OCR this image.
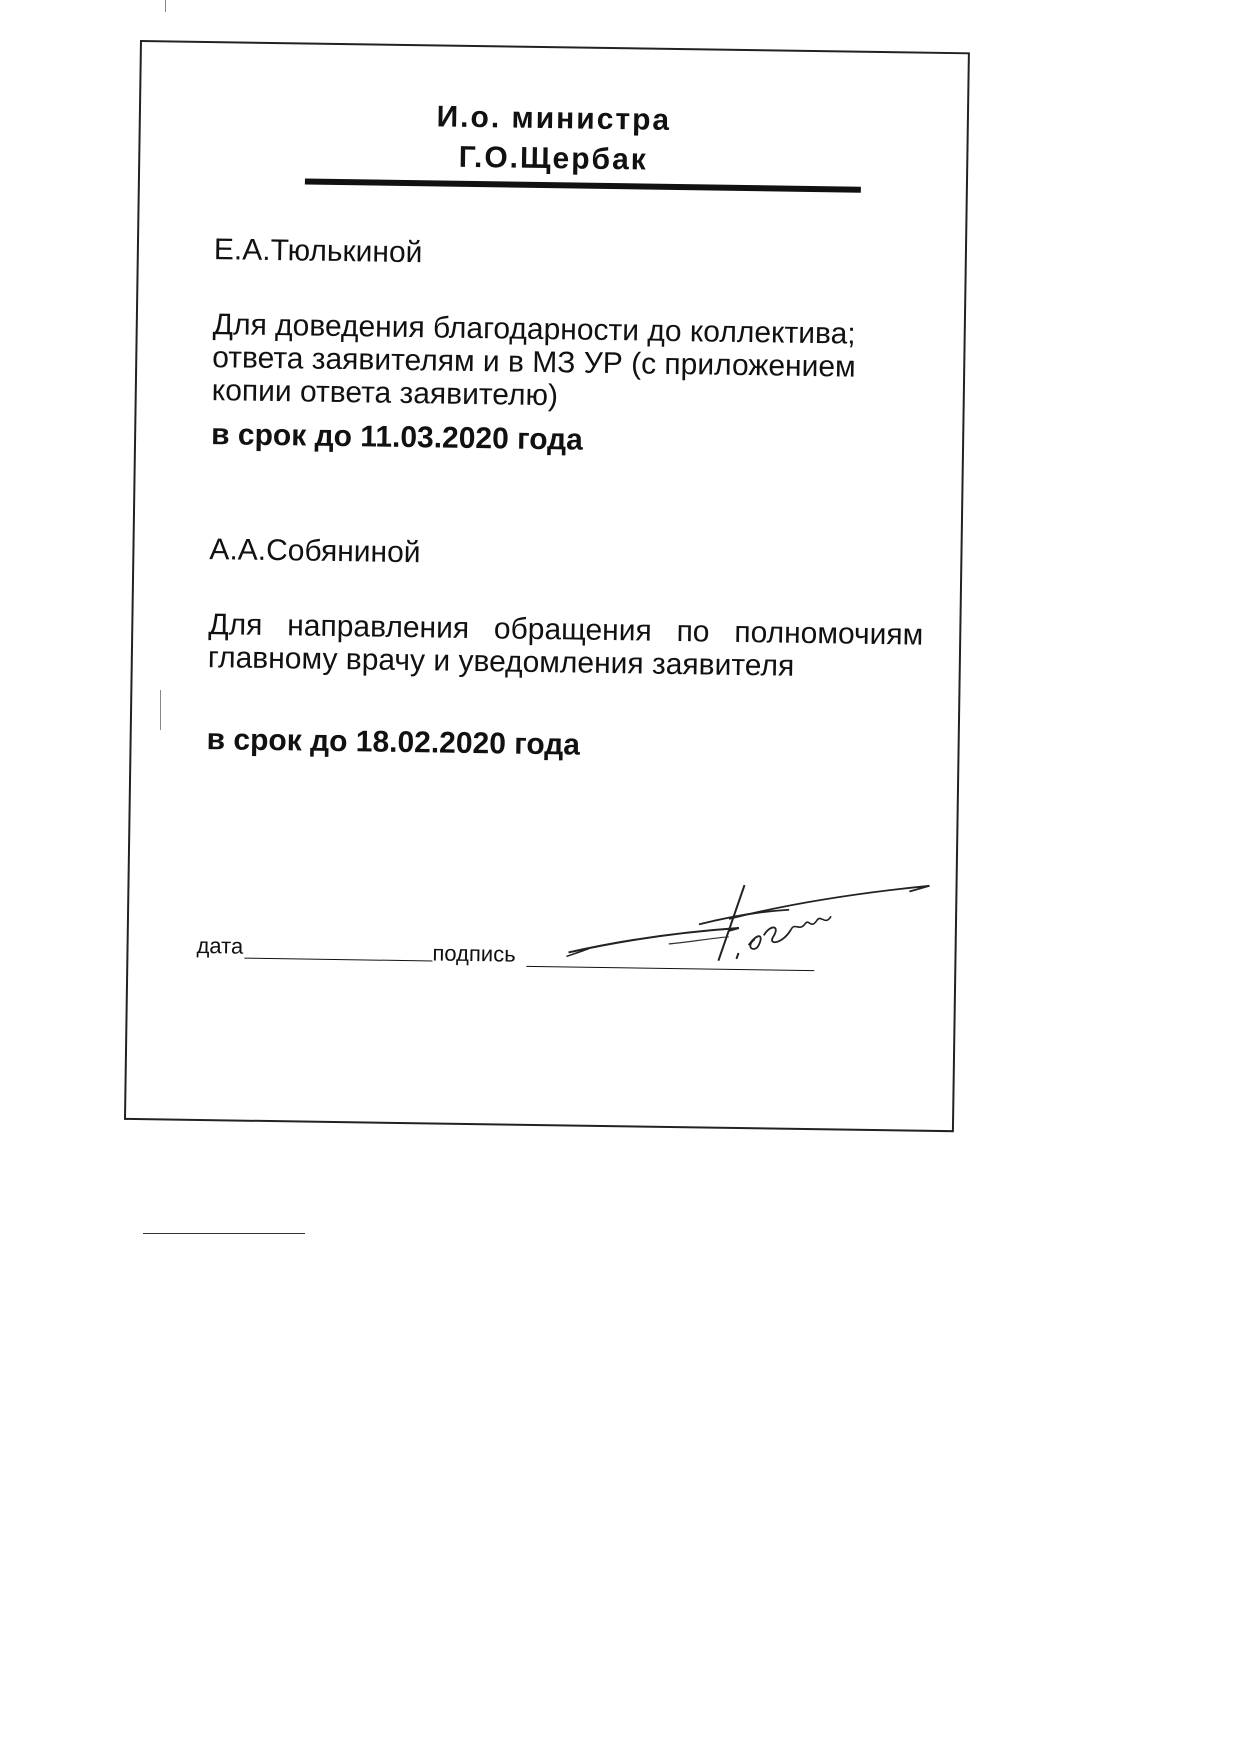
И.о. министра
Г.О.Щербак
Е.А.Тюлькиной

Для доведения благодарности до коллектива; ответа заявителям и в МЗ УР (с приложением копии ответа заявителю)

в срок до 11.03.2020 года
А.А.Собяниной

Для направления обращения по полномочиям главному врачу и уведомления заявителя

в срок до 18.02.2020 года
дата	подпись
